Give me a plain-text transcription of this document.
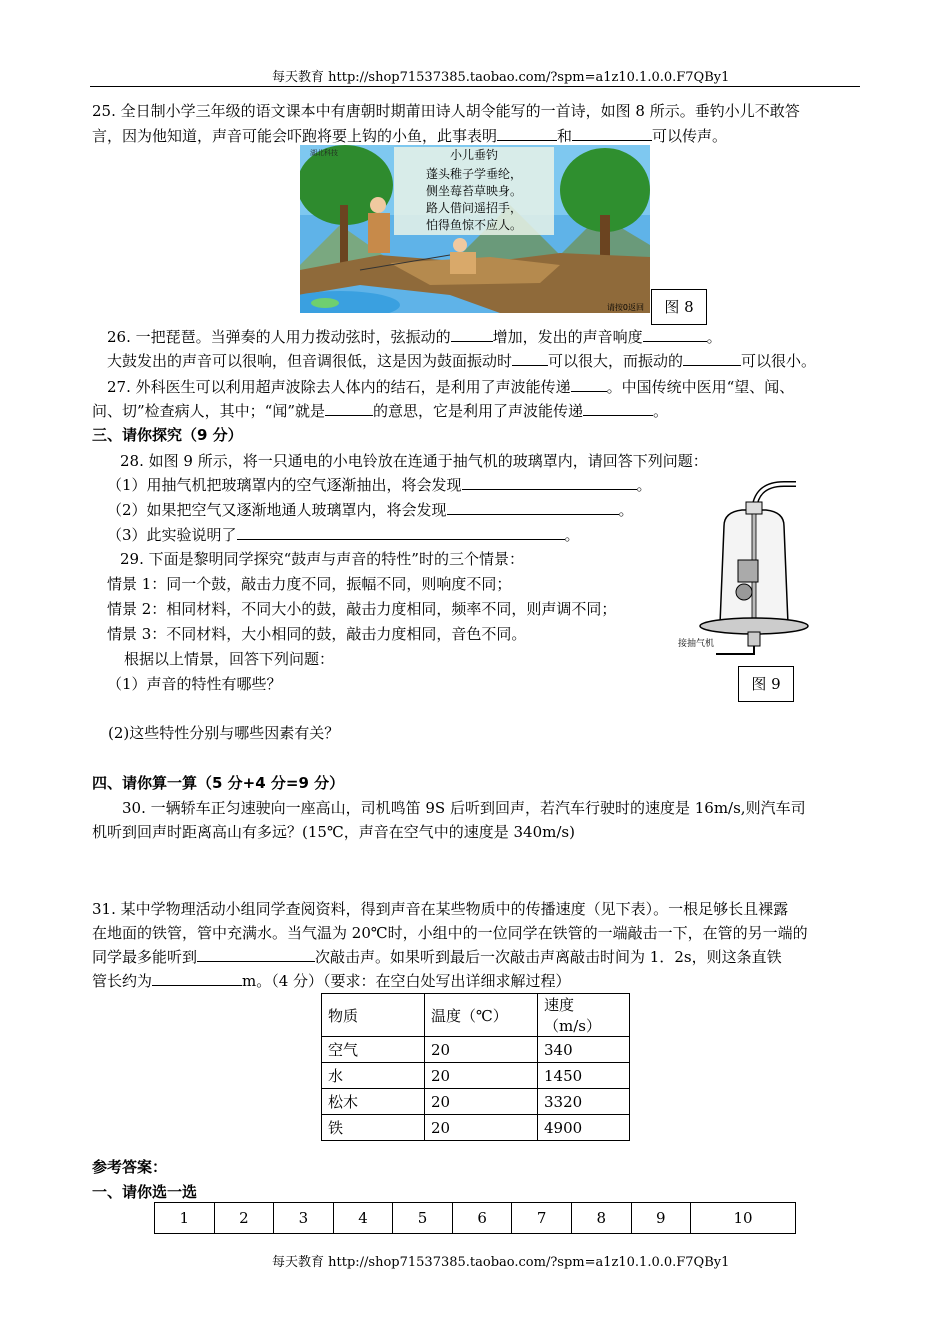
每天教育 http://shop71537385.taobao.com/?spm=a1z10.1.0.0.F7QBy1
25. 全日制小学三年级的语文课本中有唐朝时期莆田诗人胡令能写的一首诗，如图 8 所示。垂钓小儿不敢答
言，因为他知道，声音可能会吓跑将要上钩的小鱼，此事表明	和	可以传声。
湖北科技	小儿垂钓
蓬头稚子学垂纶，
侧坐莓苔草映身。
路人借问遥招手，
怕得鱼惊不应人。
请按0返回	图 8
26. 一把琵琶。当弹奏的人用力拨动弦时，弦振动的	增加，发出的声音响度	。
大鼓发出的声音可以很响，但音调很低，这是因为鼓面振动时 可以很大，而振动的	可以很小。
27. 外科医生可以利用超声波除去人体内的结石，是利用了声波能传递 。中国传统中医用“望、闻、
问、切”检查病人，其中；“闻”就是	的意思，它是利用了声波能传递	。
三、请你探究（9 分）
28. 如图 9 所示，将一只通电的小电铃放在连通于抽气机的玻璃罩内，请回答下列问题：
（1）用抽气机把玻璃罩内的空气逐渐抽出，将会发现	。
（2）如果把空气又逐渐地通人玻璃罩内，将会发现	。
（3）此实验说明了	。
接抽气机
图 9
29. 下面是黎明同学探究“鼓声与声音的特性”时的三个情景：
情景 1：同一个鼓，敲击力度不同，振幅不同，则响度不同；
情景 2：相同材料，不同大小的鼓，敲击力度相同，频率不同，则声调不同；
情景 3：不同材料，大小相同的鼓，敲击力度相同，音色不同。
根据以上情景，回答下列问题：
（1）声音的特性有哪些？
(2)这些特性分别与哪些因素有关？
四、请你算一算（5 分+4 分=9 分）
30. 一辆轿车正匀速驶向一座高山，司机鸣笛 9S 后听到回声，若汽车行驶时的速度是 16m/s,则汽车司
机听到回声时距离高山有多远？(15℃，声音在空气中的速度是 340m/s)
31. 某中学物理活动小组同学查阅资料，得到声音在某些物质中的传播速度（见下表）。一根足够长且裸露
在地面的铁管，管中充满水。当气温为 20℃时，小组中的一位同学在铁管的一端敲击一下，在管的另一端的
同学最多能听到	次敲击声。如果听到最后一次敲击声离敲击时间为 1．2s，则这条直铁
管长约为	m。（4 分）（要求：在空白处写出详细求解过程）
物质	温度（℃）	速度（m/s）
空气	20	340
水	20	1450
松木	20	3320
铁	20	4900
参考答案：
一、请你选一选
1	2	3	4	5	6	7	8	9	10
每天教育 http://shop71537385.taobao.com/?spm=a1z10.1.0.0.F7QBy1
